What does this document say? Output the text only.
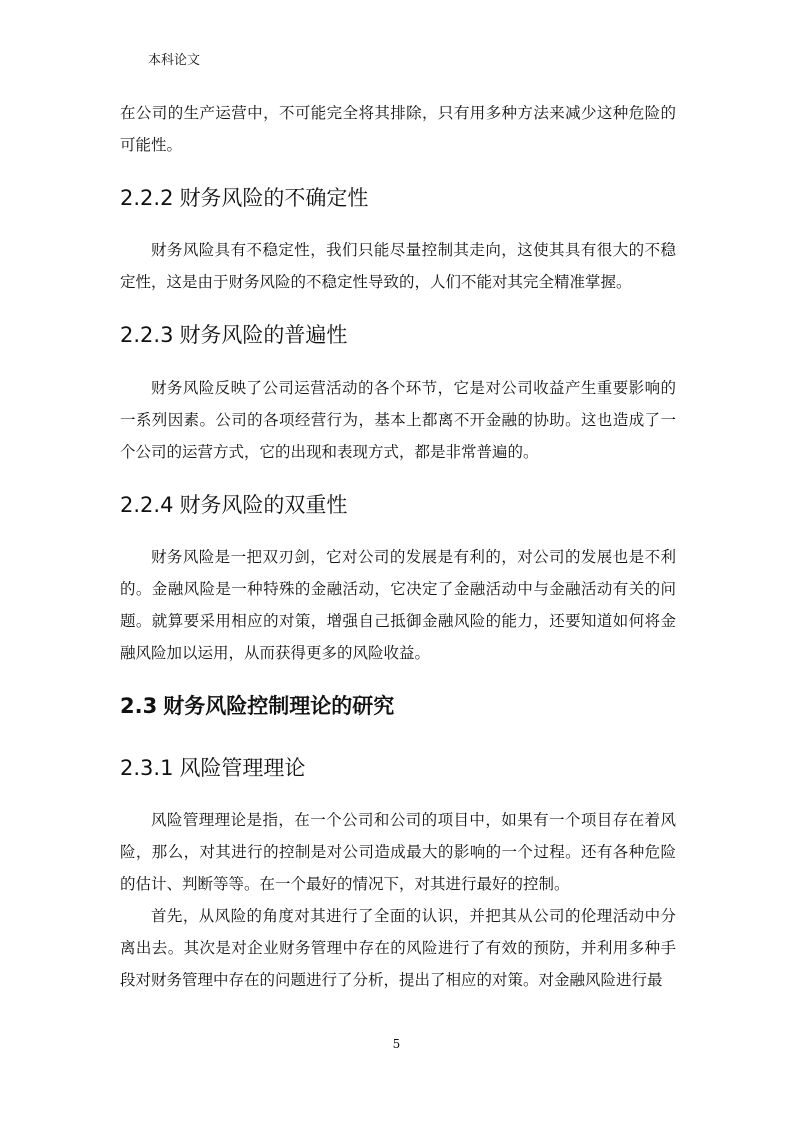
本科论文

在公司的生产运营中，不可能完全将其排除，只有用多种方法来减少这种危险的可能性。

2.2.2 财务风险的不确定性

财务风险具有不稳定性，我们只能尽量控制其走向，这使其具有很大的不稳定性，这是由于财务风险的不稳定性导致的，人们不能对其完全精准掌握。

2.2.3 财务风险的普遍性

财务风险反映了公司运营活动的各个环节，它是对公司收益产生重要影响的一系列因素。公司的各项经营行为，基本上都离不开金融的协助。这也造成了一个公司的运营方式，它的出现和表现方式，都是非常普遍的。

2.2.4 财务风险的双重性

财务风险是一把双刃剑，它对公司的发展是有利的，对公司的发展也是不利的。金融风险是一种特殊的金融活动，它决定了金融活动中与金融活动有关的问题。就算要采用相应的对策，增强自己抵御金融风险的能力，还要知道如何将金融风险加以运用，从而获得更多的风险收益。

2.3 财务风险控制理论的研究
2.3.1 风险管理理论

风险管理理论是指，在一个公司和公司的项目中，如果有一个项目存在着风险，那么，对其进行的控制是对公司造成最大的影响的一个过程。还有各种危险的估计、判断等等。在一个最好的情况下，对其进行最好的控制。

首先，从风险的角度对其进行了全面的认识，并把其从公司的伦理活动中分离出去。其次是对企业财务管理中存在的风险进行了有效的预防，并利用多种手段对财务管理中存在的问题进行了分析，提出了相应的对策。对金融风险进行最

5
